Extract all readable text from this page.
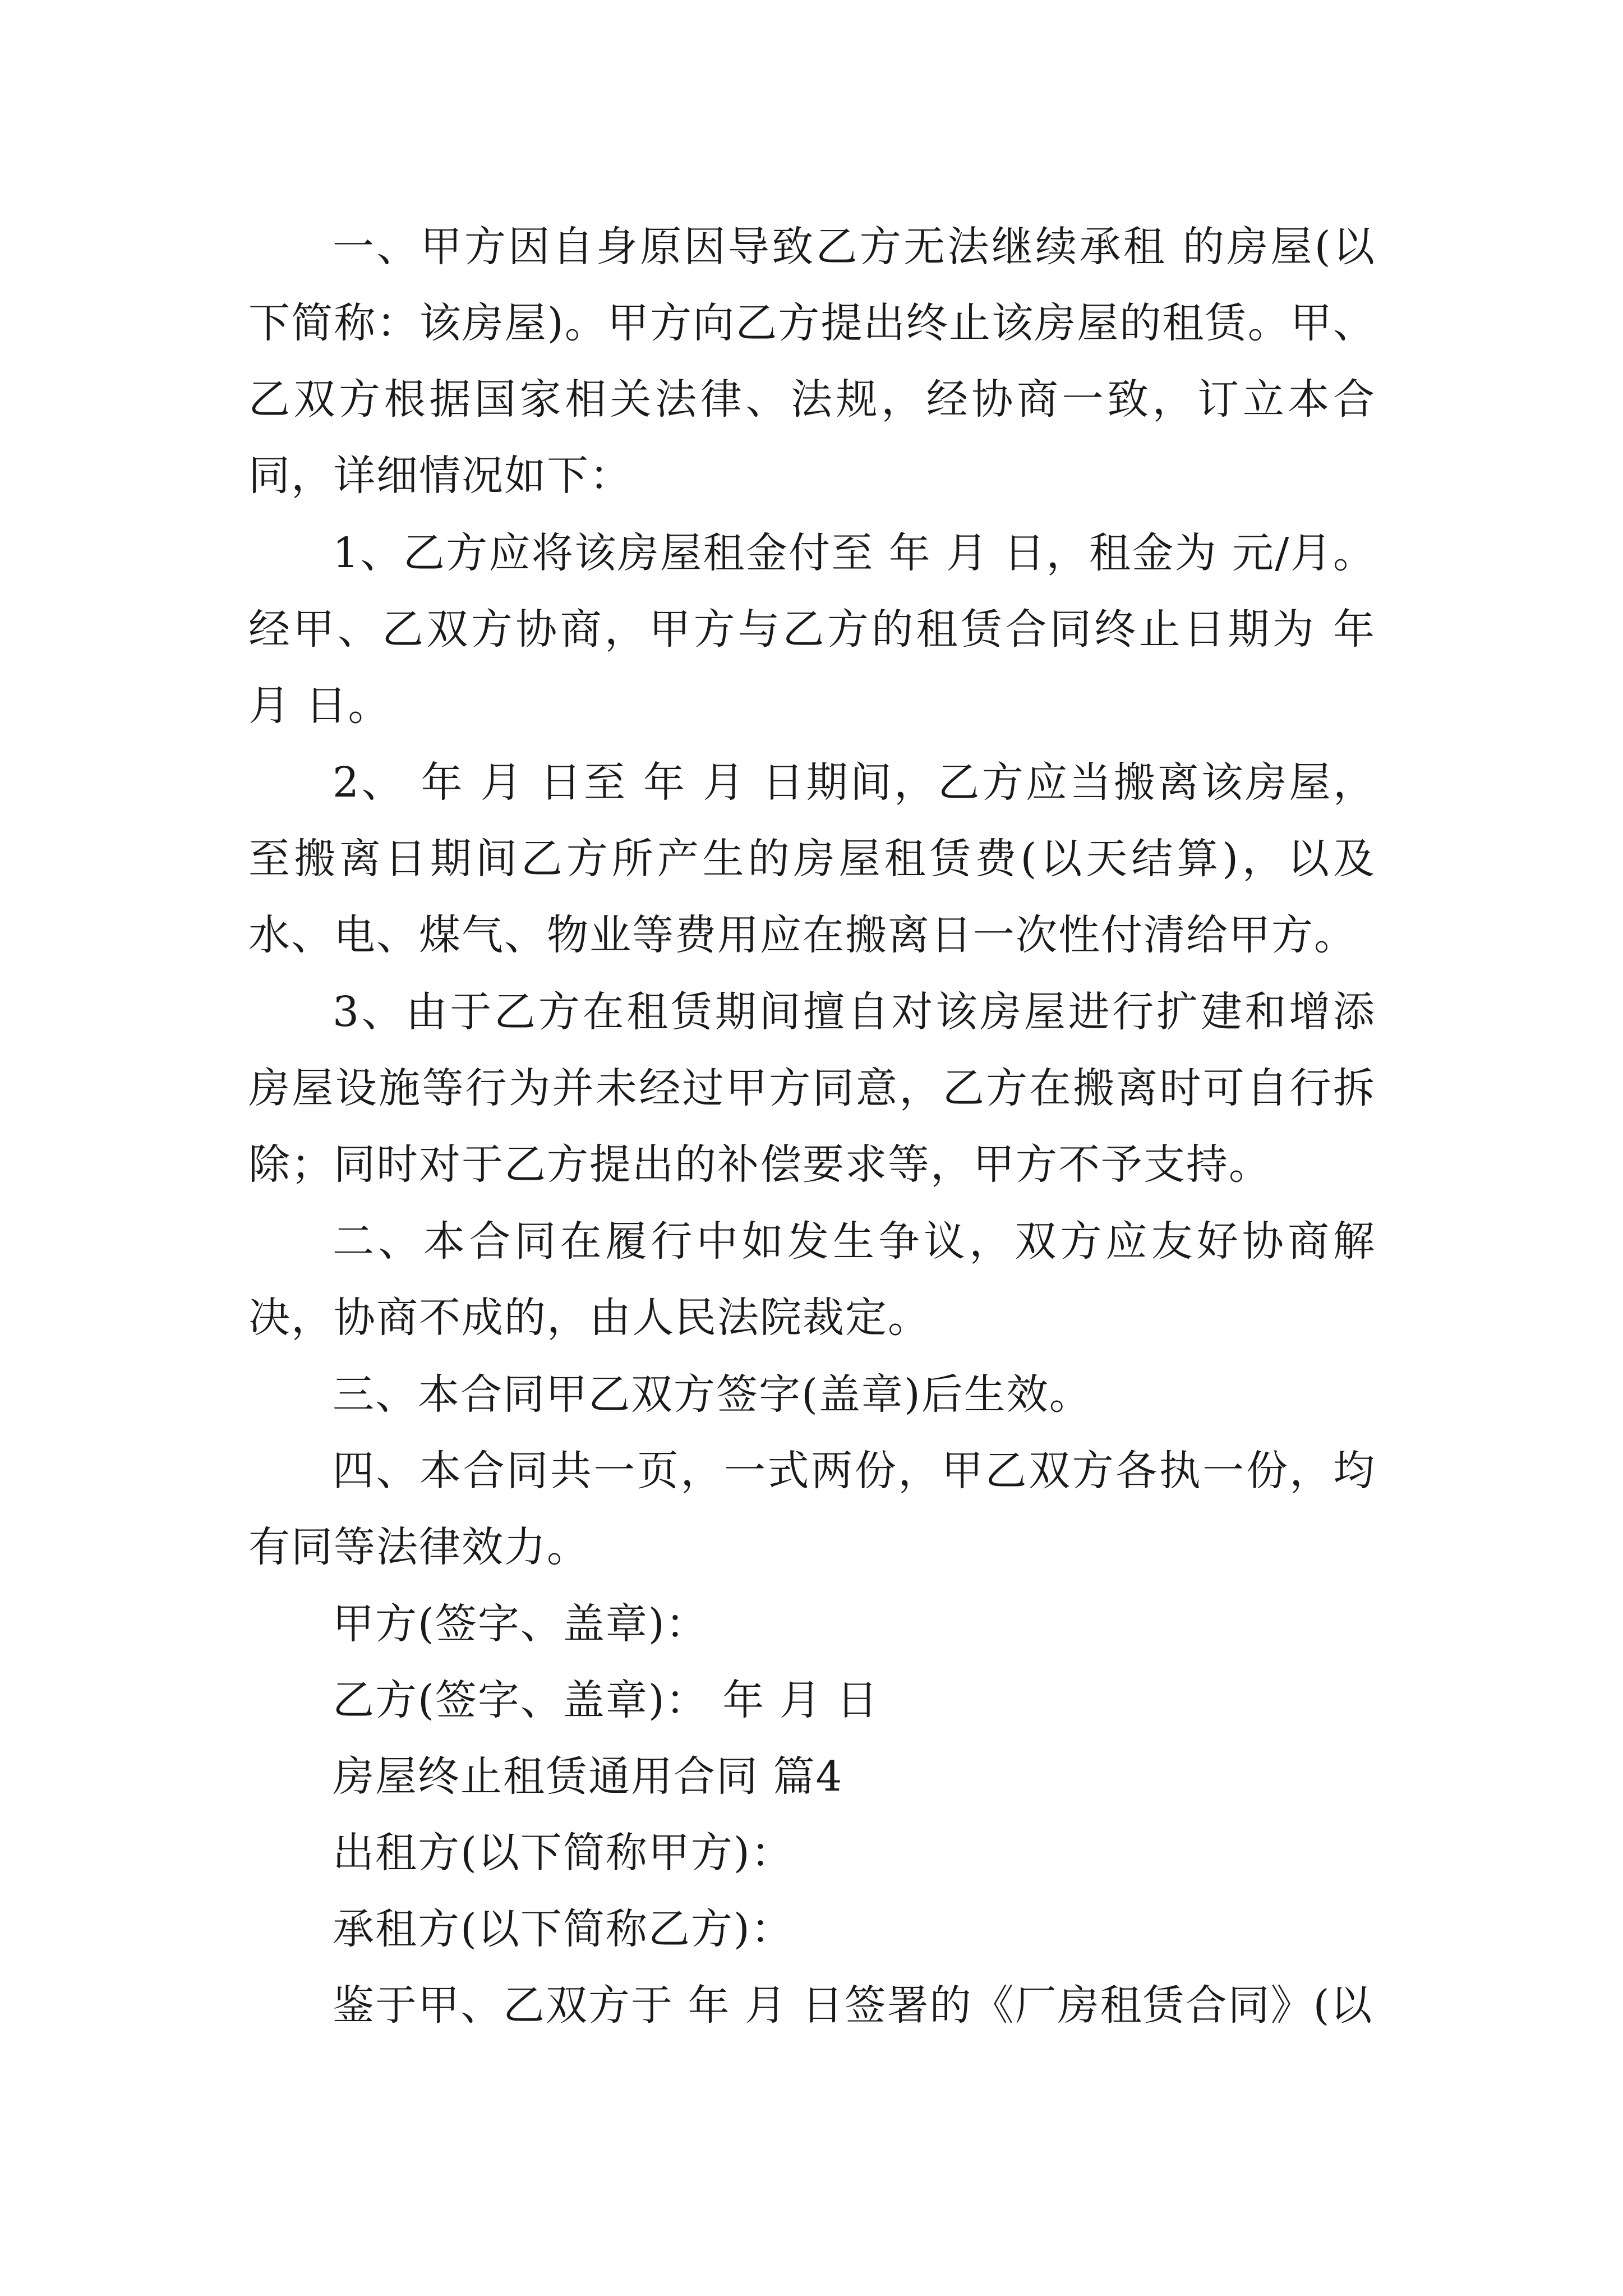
一、甲方因自身原因导致乙方无法继续承租 的房屋(以下简称：该房屋)。甲方向乙方提出终止该房屋的租赁。甲、乙双方根据国家相关法律、法规，经协商一致，订立本合同，详细情况如下：

1、乙方应将该房屋租金付至 年 月 日，租金为 元/月。经甲、乙双方协商，甲方与乙方的租赁合同终止日期为 年 月 日。

2、 年 月 日至 年 月 日期间，乙方应当搬离该房屋，至搬离日期间乙方所产生的房屋租赁费(以天结算)，以及水、电、煤气、物业等费用应在搬离日一次性付清给甲方。

3、由于乙方在租赁期间擅自对该房屋进行扩建和增添房屋设施等行为并未经过甲方同意，乙方在搬离时可自行拆除；同时对于乙方提出的补偿要求等，甲方不予支持。

二、本合同在履行中如发生争议，双方应友好协商解决，协商不成的，由人民法院裁定。

三、本合同甲乙双方签字(盖章)后生效。

四、本合同共一页，一式两份，甲乙双方各执一份，均有同等法律效力。

甲方(签字、盖章)：
乙方(签字、盖章)： 年 月 日
房屋终止租赁通用合同 篇4
出租方(以下简称甲方)：
承租方(以下简称乙方)：
鉴于甲、乙双方于 年 月 日签署的《厂房租赁合同》(以
